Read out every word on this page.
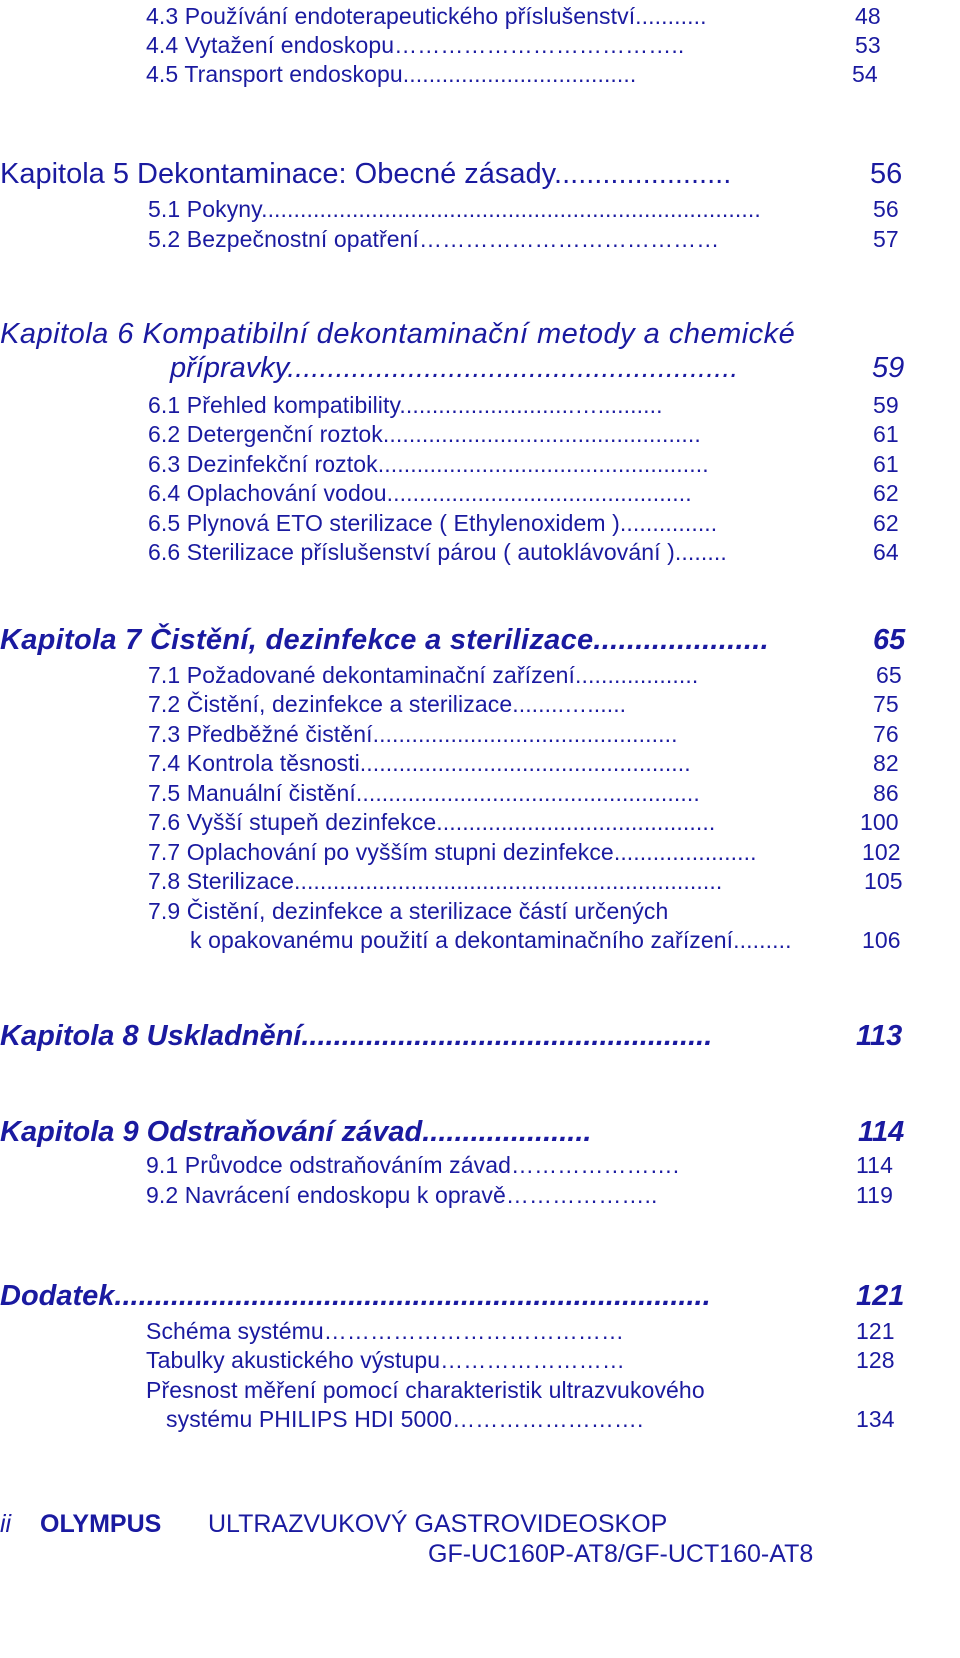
4.3 Používání endoterapeutického příslušenství...........	48
4.4 Vytažení endoskopu………………………………..	53
4.5 Transport endoskopu....................................	54
Kapitola 5 Dekontaminace: Obecné zásady......................	56
5.1 Pokyny.............................................................................	56
5.2 Bezpečnostní opatření…………………………………	57
Kapitola 6 Kompatibilní dekontaminační metody a chemické
přípravky........................................................	59
6.1 Přehled kompatibility...........................…..........	59
6.2 Detergenční roztok.................................................	61
6.3 Dezinfekční roztok...................................................	61
6.4 Oplachování vodou...............................................	62
6.5 Plynová ETO sterilizace ( Ethylenoxidem )...............	62
6.6 Sterilizace příslušenství párou ( autoklávování )........	64
Kapitola 7 Čistění, dezinfekce a sterilizace.....................	65
7.1 Požadované dekontaminační zařízení...................	65
7.2 Čistění, dezinfekce a sterilizace........…......	75
7.3 Předběžné čistění...............................................	76
7.4 Kontrola těsnosti...................................................	82
7.5 Manuální čistění.....................................................	86
7.6 Vyšší stupeň dezinfekce...........................................	100
7.7 Oplachování po vyšším stupni dezinfekce......................	102
7.8 Sterilizace..................................................................	105
7.9 Čistění, dezinfekce a sterilizace částí určených
k opakovanému použití a dekontaminačního zařízení.........	106
Kapitola 8 Uskladnění...................................................	113
Kapitola 9 Odstraňování závad.....................	114
9.1 Průvodce odstraňováním závad………………….	114
9.2 Navrácení endoskopu k opravě………………..	119
Dodatek..........................................................................	121
Schéma systému…………………………………	121
Tabulky akustického výstupu……………………	128
Přesnost měření pomocí charakteristik ultrazvukového
systému PHILIPS HDI 5000…………………….	134
ii OLYMPUS ULTRAZVUKOVÝ GASTROVIDEOSKOP
GF-UC160P-AT8/GF-UCT160-AT8
